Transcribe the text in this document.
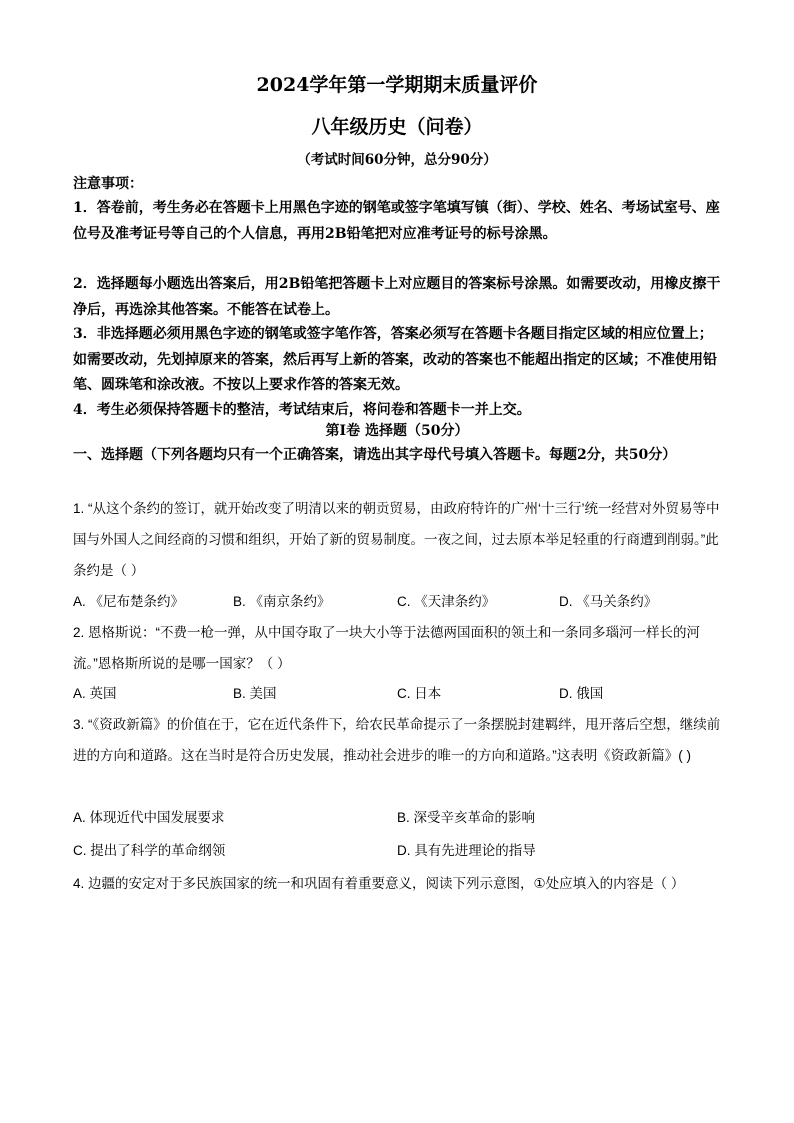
2024学年第一学期期末质量评价
八年级历史（问卷）
（考试时间60分钟，总分90分）
注意事项：
1．答卷前，考生务必在答题卡上用黑色字迹的钢笔或签字笔填写镇（街）、学校、姓名、考场试室号、座位号及准考证号等自己的个人信息，再用2B铅笔把对应准考证号的标号涂黑。
2．选择题每小题选出答案后，用2B铅笔把答题卡上对应题目的答案标号涂黑。如需要改动，用橡皮擦干净后，再选涂其他答案。不能答在试卷上。
3．非选择题必须用黑色字迹的钢笔或签字笔作答，答案必须写在答题卡各题目指定区域的相应位置上；如需要改动，先划掉原来的答案，然后再写上新的答案，改动的答案也不能超出指定的区域；不准使用铅笔、圆珠笔和涂改液。不按以上要求作答的答案无效。
4．考生必须保持答题卡的整洁，考试结束后，将问卷和答题卡一并上交。
第Ⅰ卷 选择题（50分）
一、选择题（下列各题均只有一个正确答案，请选出其字母代号填入答题卡。每题2分，共50分）
1. “从这个条约的签订，就开始改变了明清以来的朝贡贸易，由政府特许的广州‘十三行’统一经营对外贸易等中国与外国人之间经商的习惯和组织，开始了新的贸易制度。一夜之间，过去原本举足轻重的行商遭到削弱。”此条约是（ ）
A. 《尼布楚条约》	B. 《南京条约》	C. 《天津条约》	D. 《马关条约》
2. 恩格斯说：“不费一枪一弹，从中国夺取了一块大小等于法德两国面积的领土和一条同多瑙河一样长的河流。”恩格斯所说的是哪一国家？（ ）
A. 英国	B. 美国	C. 日本	D. 俄国
3. “《资政新篇》的价值在于，它在近代条件下，给农民革命提示了一条摆脱封建羁绊，甩开落后空想，继续前进的方向和道路。这在当时是符合历史发展，推动社会进步的唯一的方向和道路。”这表明《资政新篇》( )
A. 体现近代中国发展要求	B. 深受辛亥革命的影响
C. 提出了科学的革命纲领	D. 具有先进理论的指导
4. 边疆的安定对于多民族国家的统一和巩固有着重要意义，阅读下列示意图，①处应填入的内容是（ ）
